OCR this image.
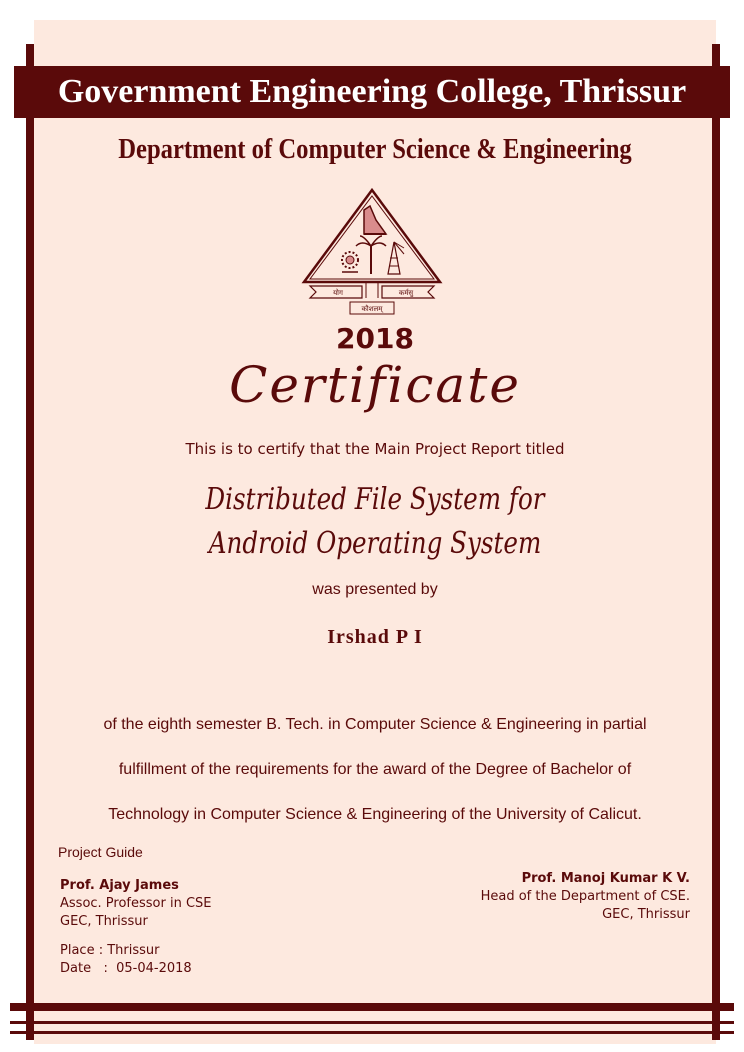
Government Engineering College, Thrissur
Department of Computer Science & Engineering
योग	कर्मसु
कौशलम्
2018
Certificate
This is to certify that the Main Project Report titled
Distributed File System for
Android Operating System
was presented by
Irshad P I
of the eighth semester B. Tech. in Computer Science & Engineering in partial
fulfillment of the requirements for the award of the Degree of Bachelor of
Technology in Computer Science & Engineering of the University of Calicut.
Project Guide
Prof. Ajay James
Assoc. Professor in CSE
GEC, Thrissur
Prof. Manoj Kumar K V.
Head of the Department of CSE.
GEC, Thrissur
Place : Thrissur
Date   :  05-04-2018
